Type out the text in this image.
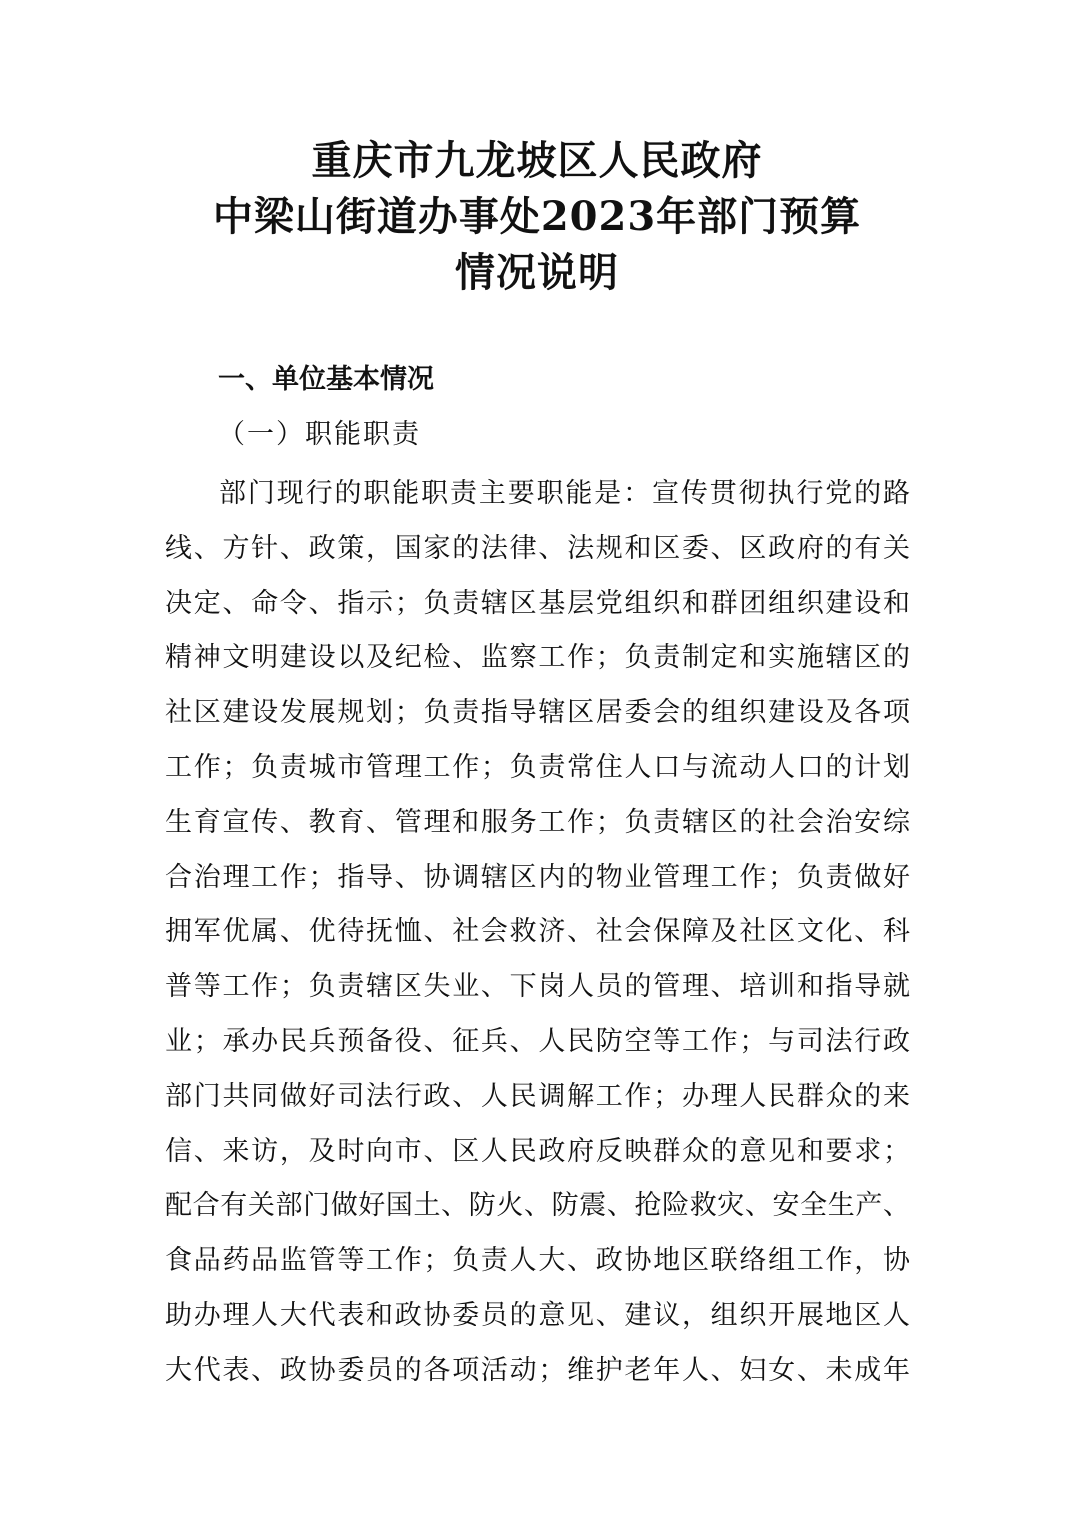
重庆市九龙坡区人民政府
中梁山街道办事处2023年部门预算
情况说明
一、单位基本情况
（一）职能职责
部门现行的职能职责主要职能是：宣传贯彻执行党的路
线、方针、政策，国家的法律、法规和区委、区政府的有关
决定、命令、指示；负责辖区基层党组织和群团组织建设和
精神文明建设以及纪检、监察工作；负责制定和实施辖区的
社区建设发展规划；负责指导辖区居委会的组织建设及各项
工作；负责城市管理工作；负责常住人口与流动人口的计划
生育宣传、教育、管理和服务工作；负责辖区的社会治安综
合治理工作；指导、协调辖区内的物业管理工作；负责做好
拥军优属、优待抚恤、社会救济、社会保障及社区文化、科
普等工作；负责辖区失业、下岗人员的管理、培训和指导就
业；承办民兵预备役、征兵、人民防空等工作；与司法行政
部门共同做好司法行政、人民调解工作；办理人民群众的来
信、来访，及时向市、区人民政府反映群众的意见和要求；
配合有关部门做好国土、防火、防震、抢险救灾、安全生产、
食品药品监管等工作；负责人大、政协地区联络组工作，协
助办理人大代表和政协委员的意见、建议，组织开展地区人
大代表、政协委员的各项活动；维护老年人、妇女、未成年
